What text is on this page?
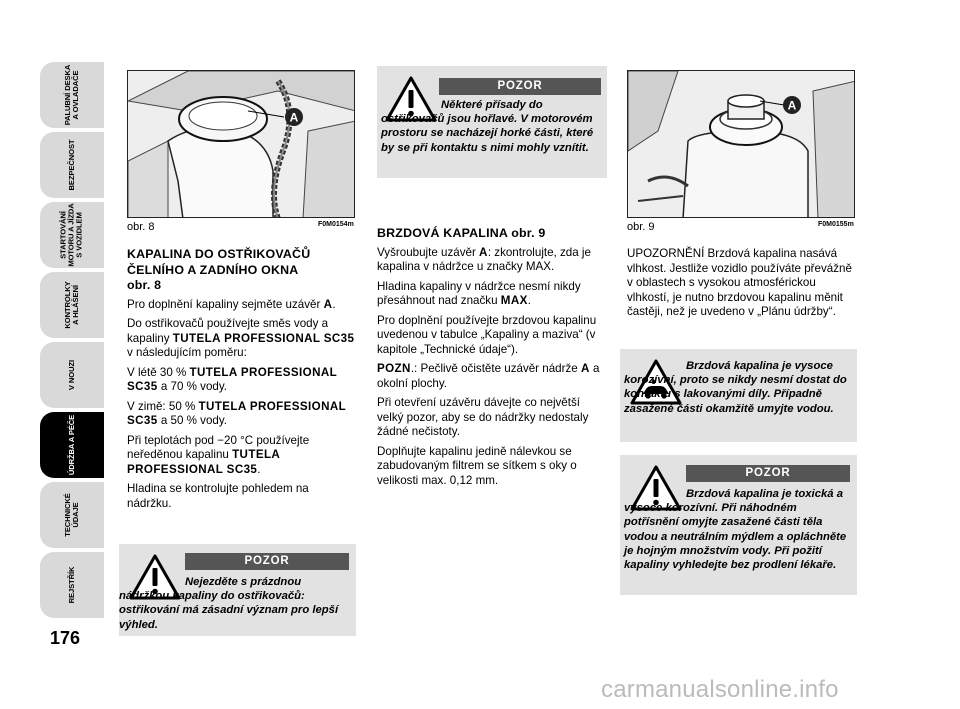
PALUBNÍ DESKA
A OVLADAČE
BEZPEČNOST
STARTOVÁNÍ
MOTORU A JÍZDA
S VOZIDLEM
KONTROLKY
A HLÁŠENÍ
V NOUZI
ÚDRŽBA A PÉČE
TECHNICKÉ ÚDAJE
REJSTŘÍK
176
A
obr. 8	F0M0154m
A
obr. 9	F0M0155m
KAPALINA DO OSTŘIKOVAČŮ ČELNÍHO A ZADNÍHO OKNA
obr. 8

Pro doplnění kapaliny sejměte uzávěr A.

Do ostřikovačů používejte směs vody a kapaliny TUTELA PROFESSIONAL SC35 v následujícím poměru:

V létě 30 % TUTELA PROFESSIONAL SC35 a 70 % vody.

V zimě: 50 % TUTELA PROFESSIONAL SC35 a 50 % vody.

Při teplotách pod −20 °C používejte neředěnou kapalinu TUTELA PROFESSIONAL SC35.

Hladina se kontrolujte pohledem na nádržku.

POZOR
Nejezděte s prázdnou nádržkou kapaliny do ostřikovačů: ostřikování má zásadní význam pro lepší výhled.
POZOR
Některé přísady do ostřikovačů jsou hořlavé. V motorovém prostoru se nacházejí horké části, které by se při kontaktu s nimi mohly vznítit.
BRZDOVÁ KAPALINA obr. 9

Vyšroubujte uzávěr A: zkontrolujte, zda je kapalina v nádržce u značky MAX.

Hladina kapaliny v nádržce nesmí nikdy přesáhnout nad značku MAX.

Pro doplnění používejte brzdovou kapalinu uvedenou v tabulce „Kapaliny a maziva“ (v kapitole „Technické údaje“).

POZN.: Pečlivě očistěte uzávěr nádrže A a okolní plochy.

Při otevření uzávěru dávejte co největší velký pozor, aby se do nádržky nedostaly žádné nečistoty.

Doplňujte kapalinu jedině nálevkou se zabudovaným filtrem se sítkem s oky o velikosti max. 0,12 mm.

UPOZORNĚNÍ Brzdová kapalina nasává vlhkost. Jestliže vozidlo používáte převážně v oblastech s vysokou atmosférickou vlhkostí, je nutno brzdovou kapalinu měnit častěji, než je uvedeno v „Plánu údržby“.

Brzdová kapalina je vysoce korozívní, proto se nikdy nesmí dostat do kontaktu s lakovanými díly. Případně zasažené části okamžitě umyjte vodou.
POZOR
Brzdová kapalina je toxická a vysoce korozívní. Při náhodném potřísnění omyjte zasažené části těla vodou a neutrálním mýdlem a opláchněte je hojným množstvím vody. Při požití kapaliny vyhledejte bez prodlení lékaře.
carmanualsonline.info
